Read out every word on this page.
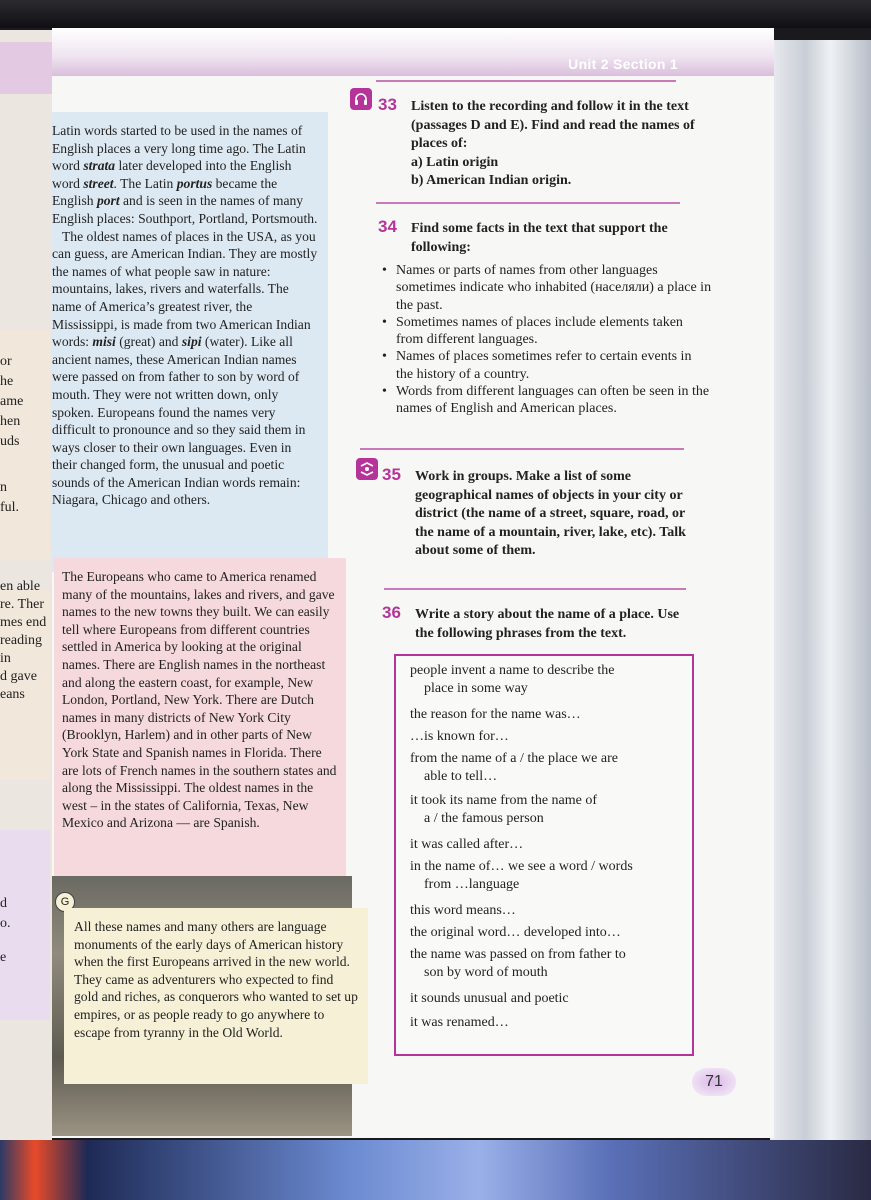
or
he
ame
hen
uds
n
ful.
en able
re. Ther
mes end
reading
in
d gave
eans
d
o.
e
Unit 2 Section 1

Latin words started to be used in the names of English places a very long time ago. The Latin word strata later developed into the English word street. The Latin portus became the English port and is seen in the names of many English places: Southport, Portland, Portsmouth.

The oldest names of places in the USA, as you can guess, are American Indian. They are mostly the names of what people saw in nature: mountains, lakes, rivers and waterfalls. The name of America’s greatest river, the Mississippi, is made from two American Indian words: misi (great) and sipi (water). Like all ancient names, these American Indian names were passed on from father to son by word of mouth. They were not written down, only spoken. Europeans found the names very difficult to pronounce and so they said them in ways closer to their own languages. Even in their changed form, the unusual and poetic sounds of the American Indian words remain: Niagara, Chicago and others.

The Europeans who came to America renamed many of the mountains, lakes and rivers, and gave names to the new towns they built. We can easily tell where Europeans from different countries settled in America by looking at the original names. There are English names in the northeast and along the eastern coast, for example, New London, Portland, New York. There are Dutch names in many districts of New York City (Brooklyn, Harlem) and in other parts of New York State and Spanish names in Florida. There are lots of French names in the southern states and along the Mississippi. The oldest names in the west – in the states of California, Texas, New Mexico and Arizona — are Spanish.

G

All these names and many others are language monuments of the early days of American history when the first Europeans arrived in the new world. They came as adventurers who expected to find gold and riches, as conquerors who wanted to set up empires, or as people ready to go anywhere to escape from tyranny in the Old World.

33 Listen to the recording and follow it in the text (passages D and E). Find and read the names of places of:
a) Latin origin
b) American Indian origin.
34 Find some facts in the text that support the following:
• Names or parts of names from other languages sometimes indicate who inhabited (населяли) a place in the past.
• Sometimes names of places include elements taken from different languages.
• Names of places sometimes refer to certain events in the history of a country.
• Words from different languages can often be seen in the names of English and American places.
35 Work in groups. Make a list of some geographical names of objects in your city or district (the name of a street, square, road, or the name of a mountain, river, lake, etc). Talk about some of them.
36 Write a story about the name of a place. Use the following phrases from the text.
people invent a name to describe the
place in some way
the reason for the name was…
…is known for…
from the name of a / the place we are
able to tell…
it took its name from the name of
a / the famous person
it was called after…
in the name of… we see a word / words
from …language
this word means…
the original word… developed into…
the name was passed on from father to
son by word of mouth
it sounds unusual and poetic
it was renamed…
71
